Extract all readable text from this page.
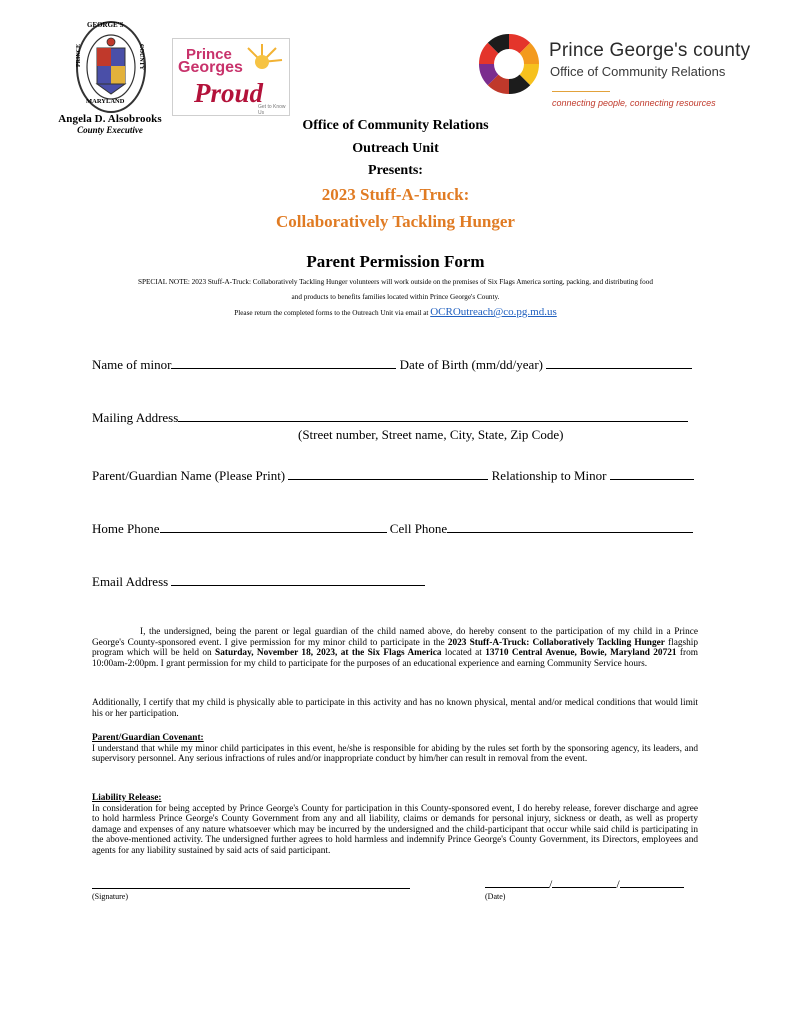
GEORGE'S
PRINCE	COUNTY
MARYLAND
Angela D. Alsobrooks
County Executive
Prince
Georges
Proud
Get to Know Us
Prince George's county
Office of Community Relations
connecting people, connecting resources
Office of Community Relations
Outreach Unit
Presents:
2023 Stuff-A-Truck:
Collaboratively Tackling Hunger
Parent Permission Form
SPECIAL NOTE: 2023 Stuff-A-Truck: Collaboratively Tackling Hunger volunteers will work outside on the premises of Six Flags America sorting, packing, and distributing food
and products to benefits families located within Prince George's County.
Please return the completed forms to the Outreach Unit via email at OCROutreach@co.pg.md.us
Name of minor	Date of Birth (mm/dd/year)
Mailing Address
(Street number, Street name, City, State, Zip Code)
Parent/Guardian Name (Please Print)	Relationship to Minor
Home Phone	Cell Phone
Email Address
I, the undersigned, being the parent or legal guardian of the child named above, do hereby consent to the participation of my child in a Prince George's County-sponsored event. I give permission for my minor child to participate in the 2023 Stuff-A-Truck: Collaboratively Tackling Hunger flagship program which will be held on Saturday, November 18, 2023, at the Six Flags America located at 13710 Central Avenue, Bowie, Maryland 20721 from 10:00am-2:00pm. I grant permission for my child to participate for the purposes of an educational experience and earning Community Service hours.
Additionally, I certify that my child is physically able to participate in this activity and has no known physical, mental and/or medical conditions that would limit his or her participation.
Parent/Guardian Covenant:
I understand that while my minor child participates in this event, he/she is responsible for abiding by the rules set forth by the sponsoring agency, its leaders, and supervisory personnel. Any serious infractions of rules and/or inappropriate conduct by him/her can result in removal from the event.
Liability Release:
In consideration for being accepted by Prince George's County for participation in this County-sponsored event, I do hereby release, forever discharge and agree to hold harmless Prince George's County Government from any and all liability, claims or demands for personal injury, sickness or death, as well as property damage and expenses of any nature whatsoever which may be incurred by the undersigned and the child-participant that occur while said child is participating in the above-mentioned activity. The undersigned further agrees to hold harmless and indemnify Prince George's County Government, its Directors, employees and agents for any liability sustained by said acts of said participant.
(Signature)
/	/
(Date)
